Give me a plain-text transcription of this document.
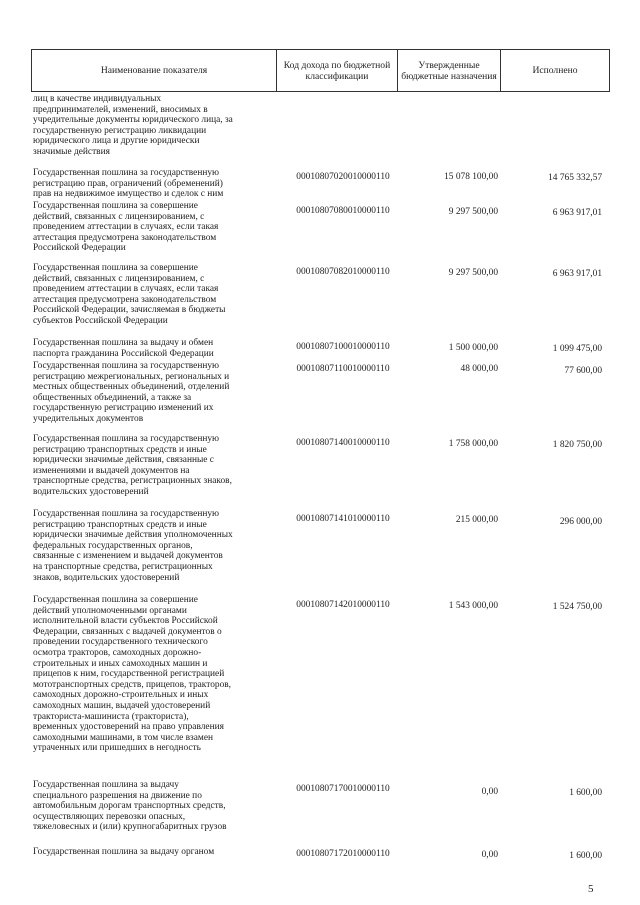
Наименование показателя	Код дохода по бюджетной классификации	Утвержденные бюджетные назначения	Исполнено
лиц в качестве индивидуальных
предпринимателей, изменений, вносимых в
учредительные документы юридического лица, за
государственную регистрацию ликвидации
юридического лица и другие юридически
значимые действия
Государственная пошлина за государственную
регистрацию прав, ограничений (обременений)
прав на недвижимое имущество и сделок с ним
00010807020010000110	15 078 100,00	14 765 332,57
Государственная пошлина за совершение
действий, связанных с лицензированием, с
проведением аттестации в случаях, если такая
аттестация предусмотрена законодательством
Российской Федерации
00010807080010000110	9 297 500,00	6 963 917,01
Государственная пошлина за совершение
действий, связанных с лицензированием, с
проведением аттестации в случаях, если такая
аттестация предусмотрена законодательством
Российской Федерации, зачисляемая в бюджеты
субъектов Российской Федерации
00010807082010000110	9 297 500,00	6 963 917,01
Государственная пошлина за выдачу и обмен
паспорта гражданина Российской Федерации
00010807100010000110	1 500 000,00	1 099 475,00
Государственная пошлина за государственную
регистрацию межрегиональных, региональных и
местных общественных объединений, отделений
общественных объединений, а также за
государственную регистрацию изменений их
учредительных документов
00010807110010000110	48 000,00	77 600,00
Государственная пошлина за государственную
регистрацию транспортных средств и иные
юридически значимые действия, связанные с
изменениями и выдачей документов на
транспортные средства, регистрационных знаков,
водительских удостоверений
00010807140010000110	1 758 000,00	1 820 750,00
Государственная пошлина за государственную
регистрацию транспортных средств и иные
юридически значимые действия уполномоченных
федеральных государственных органов,
связанные с изменением и выдачей документов
на транспортные средства, регистрационных
знаков, водительских удостоверений
00010807141010000110	215 000,00	296 000,00
Государственная пошлина за совершение
действий уполномоченными органами
исполнительной власти субъектов Российской
Федерации, связанных с выдачей документов о
проведении государственного технического
осмотра тракторов, самоходных дорожно-
строительных и иных самоходных машин и
прицепов к ним, государственной регистрацией
мототранспортных средств, прицепов, тракторов,
самоходных дорожно-строительных и иных
самоходных машин, выдачей удостоверений
тракториста-машиниста (тракториста),
временных удостоверений на право управления
самоходными машинами, в том числе взамен
утраченных или пришедших в негодность
00010807142010000110	1 543 000,00	1 524 750,00
Государственная пошлина за выдачу
специального разрешения на движение по
автомобильным дорогам транспортных средств,
осуществляющих перевозки опасных,
тяжеловесных и (или) крупногабаритных грузов
00010807170010000110	0,00	1 600,00
Государственная пошлина за выдачу органом	00010807172010000110	0,00	1 600,00
5
